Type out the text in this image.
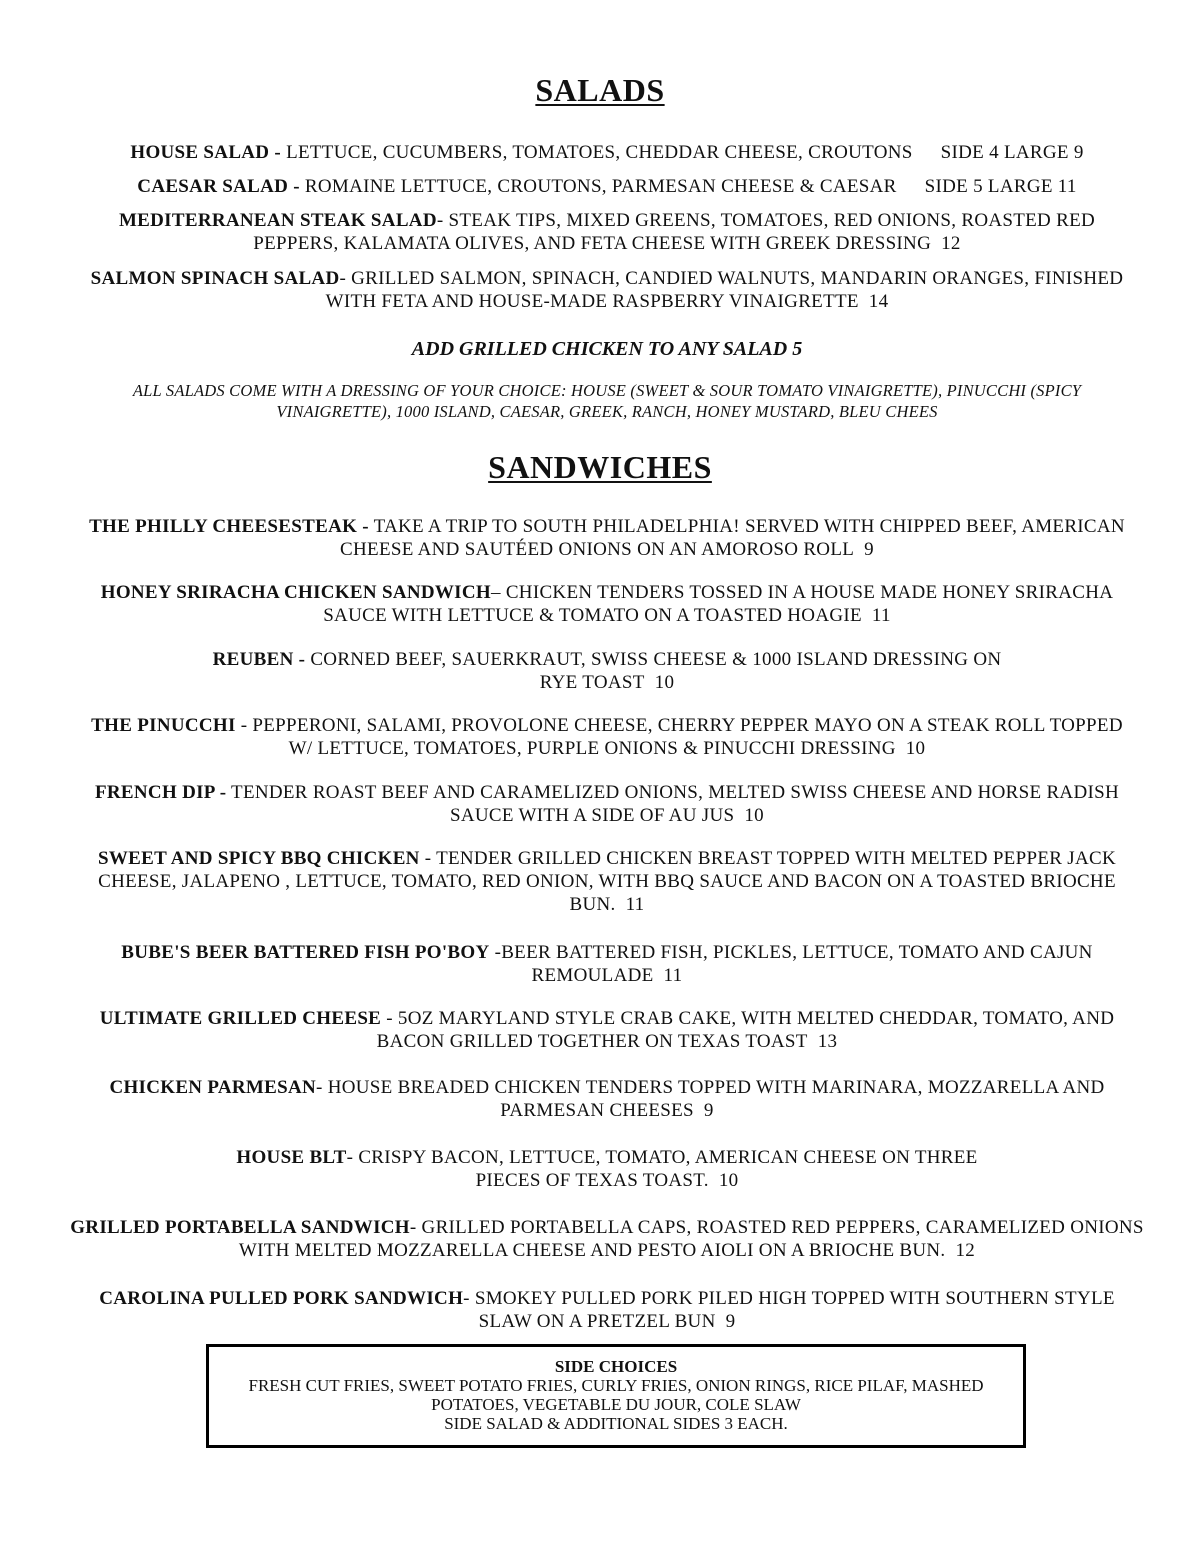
SALADS

HOUSE SALAD - LETTUCE, CUCUMBERS, TOMATOES, CHEDDAR CHEESE, CROUTONS SIDE 4 LARGE 9

CAESAR SALAD - ROMAINE LETTUCE, CROUTONS, PARMESAN CHEESE & CAESAR SIDE 5 LARGE 11

MEDITERRANEAN STEAK SALAD- STEAK TIPS, MIXED GREENS, TOMATOES, RED ONIONS, ROASTED RED PEPPERS, KALAMATA OLIVES, AND FETA CHEESE WITH GREEK DRESSING 12

SALMON SPINACH SALAD- GRILLED SALMON, SPINACH, CANDIED WALNUTS, MANDARIN ORANGES, FINISHED WITH FETA AND HOUSE-MADE RASPBERRY VINAIGRETTE 14

ADD GRILLED CHICKEN TO ANY SALAD 5

ALL SALADS COME WITH A DRESSING OF YOUR CHOICE: HOUSE (SWEET & SOUR TOMATO VINAIGRETTE), PINUCCHI (SPICY VINAIGRETTE), 1000 ISLAND, CAESAR, GREEK, RANCH, HONEY MUSTARD, BLEU CHEES

SANDWICHES

THE PHILLY CHEESESTEAK - TAKE A TRIP TO SOUTH PHILADELPHIA! SERVED WITH CHIPPED BEEF, AMERICAN CHEESE AND SAUTÉED ONIONS ON AN AMOROSO ROLL 9

HONEY SRIRACHA CHICKEN SANDWICH– CHICKEN TENDERS TOSSED IN A HOUSE MADE HONEY SRIRACHA SAUCE WITH LETTUCE & TOMATO ON A TOASTED HOAGIE 11

REUBEN - CORNED BEEF, SAUERKRAUT, SWISS CHEESE & 1000 ISLAND DRESSING ON RYE TOAST 10

THE PINUCCHI - PEPPERONI, SALAMI, PROVOLONE CHEESE, CHERRY PEPPER MAYO ON A STEAK ROLL TOPPED W/ LETTUCE, TOMATOES, PURPLE ONIONS & PINUCCHI DRESSING 10

FRENCH DIP - TENDER ROAST BEEF AND CARAMELIZED ONIONS, MELTED SWISS CHEESE AND HORSE RADISH SAUCE WITH A SIDE OF AU JUS 10

SWEET AND SPICY BBQ CHICKEN - TENDER GRILLED CHICKEN BREAST TOPPED WITH MELTED PEPPER JACK CHEESE, JALAPENO , LETTUCE, TOMATO, RED ONION, WITH BBQ SAUCE AND BACON ON A TOASTED BRIOCHE BUN. 11

BUBE'S BEER BATTERED FISH PO'BOY -BEER BATTERED FISH, PICKLES, LETTUCE, TOMATO AND CAJUN REMOULADE 11

ULTIMATE GRILLED CHEESE - 5OZ MARYLAND STYLE CRAB CAKE, WITH MELTED CHEDDAR, TOMATO, AND BACON GRILLED TOGETHER ON TEXAS TOAST 13

CHICKEN PARMESAN- HOUSE BREADED CHICKEN TENDERS TOPPED WITH MARINARA, MOZZARELLA AND PARMESAN CHEESES 9

HOUSE BLT- CRISPY BACON, LETTUCE, TOMATO, AMERICAN CHEESE ON THREE PIECES OF TEXAS TOAST. 10

GRILLED PORTABELLA SANDWICH- GRILLED PORTABELLA CAPS, ROASTED RED PEPPERS, CARAMELIZED ONIONS WITH MELTED MOZZARELLA CHEESE AND PESTO AIOLI ON A BRIOCHE BUN. 12

CAROLINA PULLED PORK SANDWICH- SMOKEY PULLED PORK PILED HIGH TOPPED WITH SOUTHERN STYLE SLAW ON A PRETZEL BUN 9

SIDE CHOICES
FRESH CUT FRIES, SWEET POTATO FRIES, CURLY FRIES, ONION RINGS, RICE PILAF, MASHED
POTATOES, VEGETABLE DU JOUR, COLE SLAW
SIDE SALAD & ADDITIONAL SIDES 3 EACH.
